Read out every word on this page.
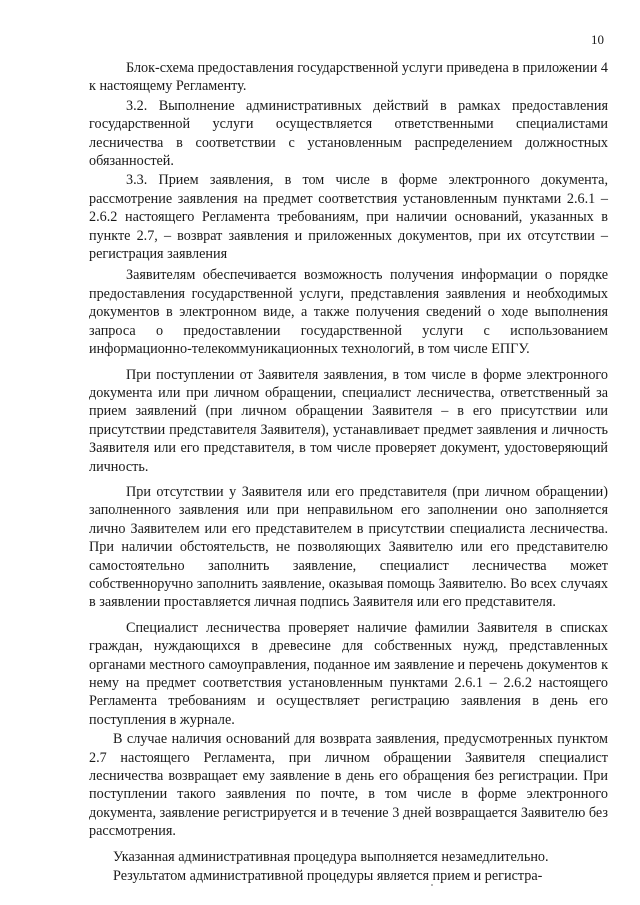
10

Блок-схема предоставления государственной услуги приведена в приложении 4 к настоящему Регламенту.

3.2. Выполнение административных действий в рамках предоставления государственной услуги осуществляется ответственными специалистами лесничества в соответствии с установленным распределением должностных обязанностей.

3.3. Прием заявления, в том числе в форме электронного документа, рассмотрение заявления на предмет соответствия установленным пунктами 2.6.1 – 2.6.2 настоящего Регламента требованиям, при наличии оснований, указанных в пункте 2.7, – возврат заявления и приложенных документов, при их отсутствии – регистрация заявления

Заявителям обеспечивается возможность получения информации о порядке предоставления государственной услуги, представления заявления и необходимых документов в электронном виде, а также получения сведений о ходе выполнения запроса о предоставлении государственной услуги с использованием информационно-телекоммуникационных технологий, в том числе ЕПГУ.

При поступлении от Заявителя заявления, в том числе в форме электронного документа или при личном обращении, специалист лесничества, ответственный за прием заявлений (при личном обращении Заявителя – в его присутствии или присутствии представителя Заявителя), устанавливает предмет заявления и личность Заявителя или его представителя, в том числе проверяет документ, удостоверяющий личность.

При отсутствии у Заявителя или его представителя (при личном обращении) заполненного заявления или при неправильном его заполнении оно заполняется лично Заявителем или его представителем в присутствии специалиста лесничества. При наличии обстоятельств, не позволяющих Заявителю или его представителю самостоятельно заполнить заявление, специалист лесничества может собственноручно заполнить заявление, оказывая помощь Заявителю. Во всех случаях в заявлении проставляется личная подпись Заявителя или его представителя.

Специалист лесничества проверяет наличие фамилии Заявителя в списках граждан, нуждающихся в древесине для собственных нужд, представленных органами местного самоуправления, поданное им заявление и перечень документов к нему на предмет соответствия установленным пунктами 2.6.1 – 2.6.2 настоящего Регламента требованиям и осуществляет регистрацию заявления в день его поступления в журнале.

В случае наличия оснований для возврата заявления, предусмотренных пунктом 2.7 настоящего Регламента, при личном обращении Заявителя специалист лесничества возвращает ему заявление в день его обращения без регистрации. При поступлении такого заявления по почте, в том числе в форме электронного документа, заявление регистрируется и в течение 3 дней возвращается Заявителю без рассмотрения.

Указанная административная процедура выполняется незамедлительно.

Результатом административной процедуры является прием и регистра-
